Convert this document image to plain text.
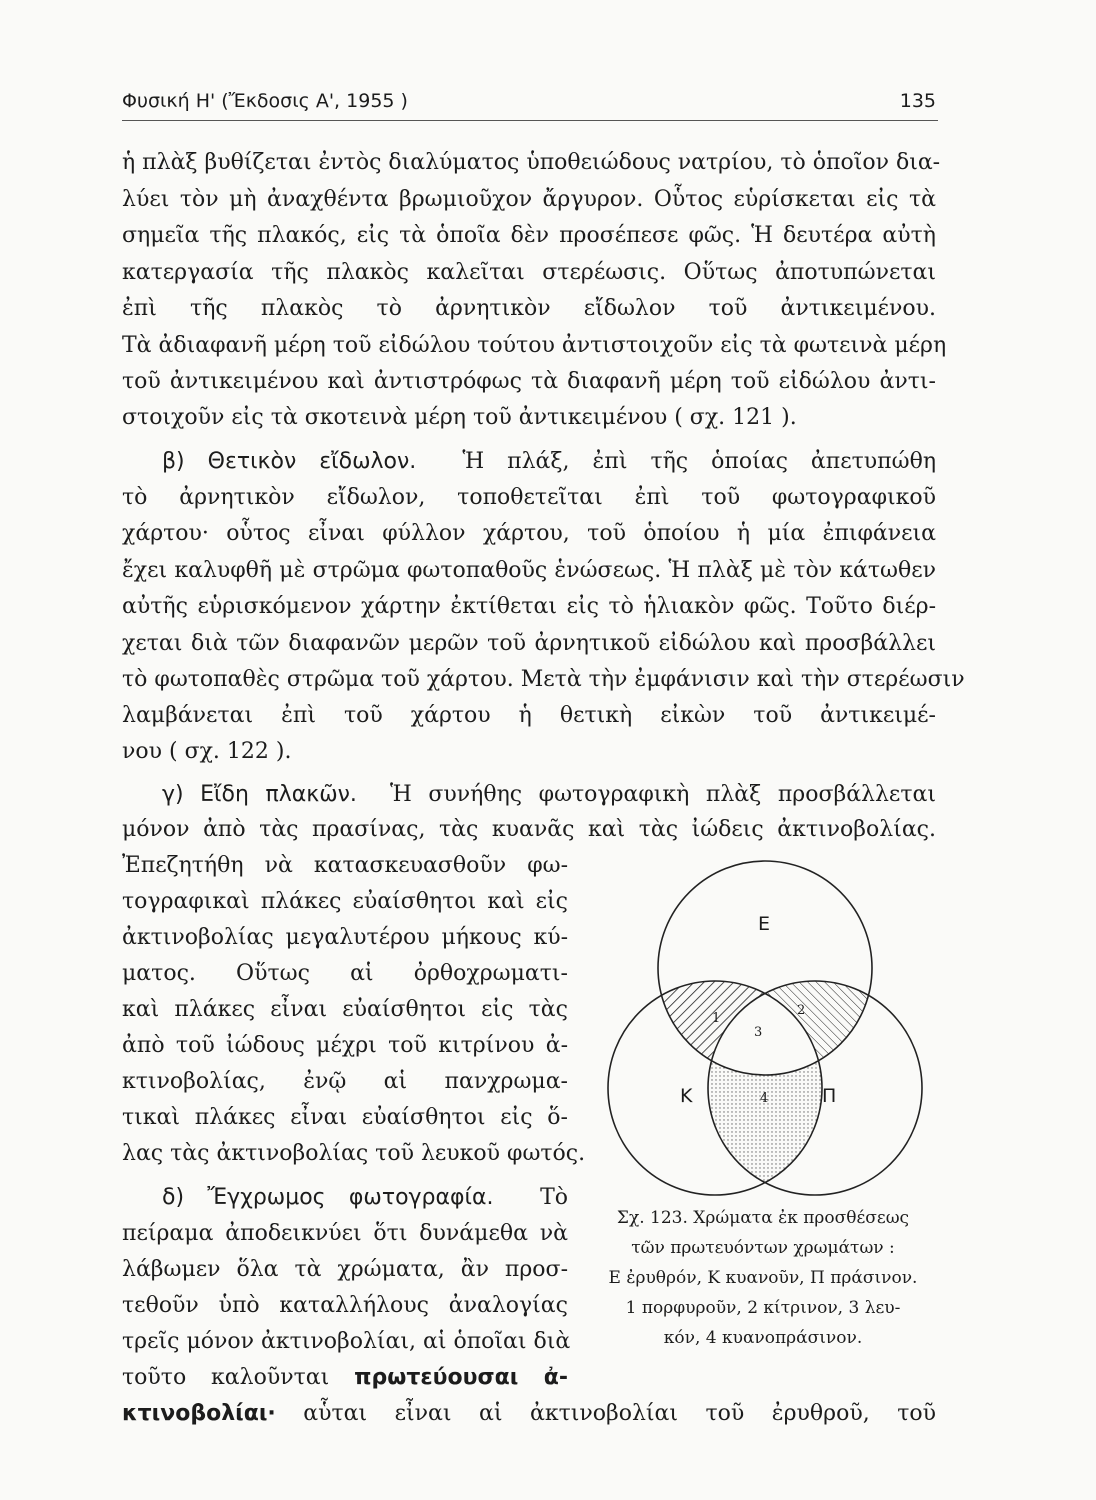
Φυσική Η' (Ἔκδοσις Α', 1955 )	135
ἡ πλὰξ βυθίζεται ἐντὸς διαλύματος ὑποθειώδους νατρίου, τὸ ὁποῖον δια-
λύει τὸν μὴ ἀναχθέντα βρωμιοῦχον ἄργυρον. Οὗτος εὑρίσκεται εἰς τὰ
σημεῖα τῆς πλακός, εἰς τὰ ὁποῖα δὲν προσέπεσε φῶς. Ἡ δευτέρα αὐτὴ
κατεργασία τῆς πλακὸς καλεῖται στερέωσις. Οὕτως ἀποτυπώνεται
ἐπὶ τῆς πλακὸς τὸ ἀρνητικὸν εἴδωλον τοῦ ἀντικειμένου.
Τὰ ἀδιαφανῆ μέρη τοῦ εἰδώλου τούτου ἀντιστοιχοῦν εἰς τὰ φωτεινὰ μέρη
τοῦ ἀντικειμένου καὶ ἀντιστρόφως τὰ διαφανῆ μέρη τοῦ εἰδώλου ἀντι-
στοιχοῦν εἰς τὰ σκοτεινὰ μέρη τοῦ ἀντικειμένου ( σχ. 121 ).
β) Θετικὸν εἴδωλον. Ἡ πλάξ, ἐπὶ τῆς ὁποίας ἀπετυπώθη
τὸ ἀρνητικὸν εἴδωλον, τοποθετεῖται ἐπὶ τοῦ φωτογραφικοῦ
χάρτου· οὗτος εἶναι φύλλον χάρτου, τοῦ ὁποίου ἡ μία ἐπιφάνεια
ἔχει καλυφθῆ μὲ στρῶμα φωτοπαθοῦς ἑνώσεως. Ἡ πλὰξ μὲ τὸν κάτωθεν
αὐτῆς εὑρισκόμενον χάρτην ἐκτίθεται εἰς τὸ ἡλιακὸν φῶς. Τοῦτο διέρ-
χεται διὰ τῶν διαφανῶν μερῶν τοῦ ἀρνητικοῦ εἰδώλου καὶ προσβάλλει
τὸ φωτοπαθὲς στρῶμα τοῦ χάρτου. Μετὰ τὴν ἐμφάνισιν καὶ τὴν στερέωσιν
λαμβάνεται ἐπὶ τοῦ χάρτου ἡ θετικὴ εἰκὼν τοῦ ἀντικειμέ-
νου ( σχ. 122 ).
γ) Εἴδη πλακῶν. Ἡ συνήθης φωτογραφικὴ πλὰξ προσβάλλεται
μόνον ἀπὸ τὰς πρασίνας, τὰς κυανᾶς καὶ τὰς ἰώδεις ἀκτινοβολίας.
Ἐπεζητήθη νὰ κατασκευασθοῦν φω-
τογραφικαὶ πλάκες εὐαίσθητοι καὶ εἰς
ἀκτινοβολίας μεγαλυτέρου μήκους κύ-
ματος. Οὕτως αἱ ὀρθοχρωματι-
καὶ πλάκες εἶναι εὐαίσθητοι εἰς τὰς
ἀπὸ τοῦ ἰώδους μέχρι τοῦ κιτρίνου ἀ-
κτινοβολίας, ἐνῷ αἱ πανχρωμα-
τικαὶ πλάκες εἶναι εὐαίσθητοι εἰς ὅ-
λας τὰς ἀκτινοβολίας τοῦ λευκοῦ φωτός.
δ) Ἔγχρωμος φωτογραφία. Τὸ
πείραμα ἀποδεικνύει ὅτι δυνάμεθα νὰ
λάβωμεν ὅλα τὰ χρώματα, ἂν προσ-
τεθοῦν ὑπὸ καταλλήλους ἀναλογίας
τρεῖς μόνον ἀκτινοβολίαι, αἱ ὁποῖαι διὰ
τοῦτο καλοῦνται πρωτεύουσαι ἀ-
κτινοβολίαι· αὗται εἶναι αἱ ἀκτινοβολίαι τοῦ ἐρυθροῦ, τοῦ
Ε
Κ	Π
1
2
3
4
Σχ. 123. Χρώματα ἐκ προσθέσεως
τῶν πρωτευόντων χρωμάτων :
Ε ἐρυθρόν, Κ κυανοῦν, Π πράσινον.
1 πορφυροῦν, 2 κίτρινον, 3 λευ-
κόν, 4 κυανοπράσινον.
